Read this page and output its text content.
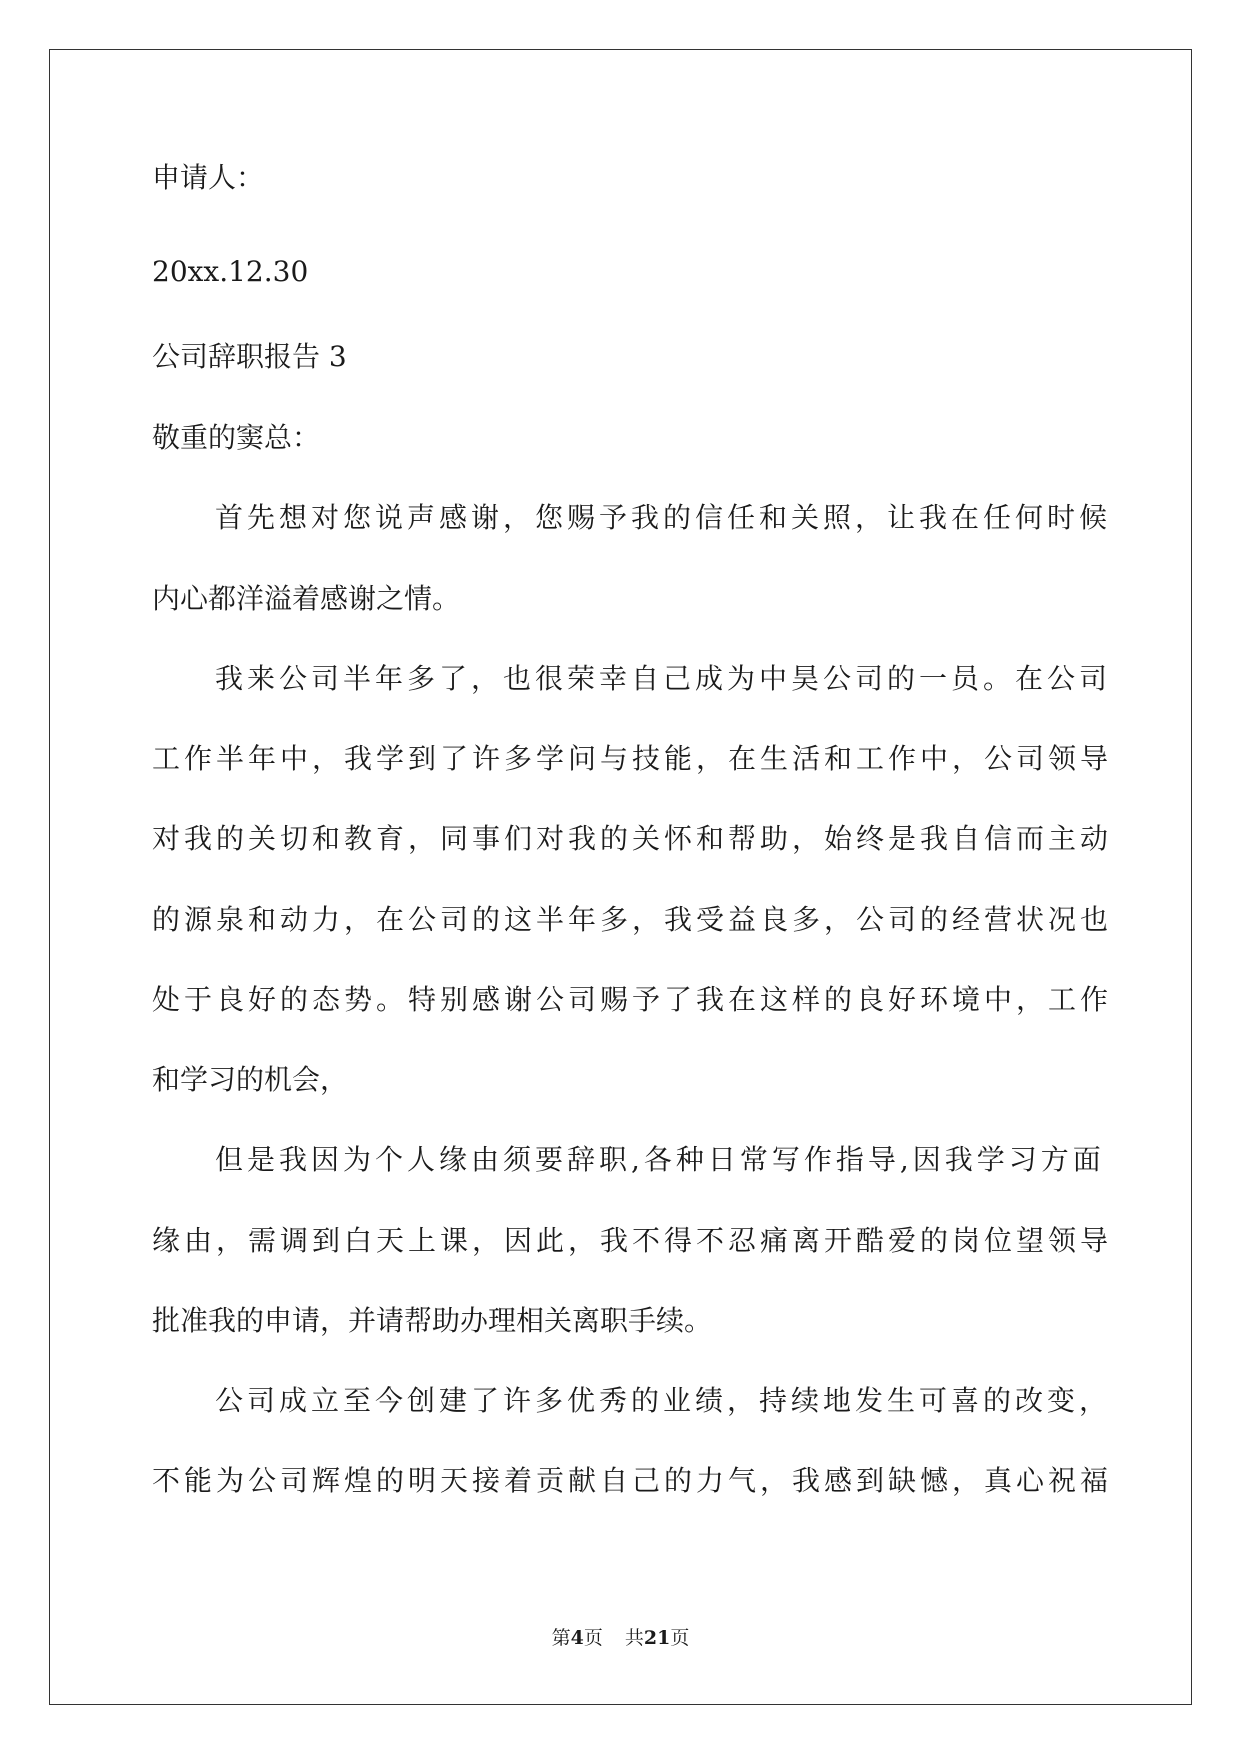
申请人：
20xx.12.30
公司辞职报告 3
敬重的窦总：
首先想对您说声感谢，您赐予我的信任和关照，让我在任何时候
内心都洋溢着感谢之情。
我来公司半年多了，也很荣幸自己成为中昊公司的一员。在公司
工作半年中，我学到了许多学问与技能，在生活和工作中，公司领导
对我的关切和教育，同事们对我的关怀和帮助，始终是我自信而主动
的源泉和动力，在公司的这半年多，我受益良多，公司的经营状况也
处于良好的态势。特别感谢公司赐予了我在这样的良好环境中，工作
和学习的机会，
但是我因为个人缘由须要辞职,各种日常写作指导,因我学习方面
缘由，需调到白天上课，因此，我不得不忍痛离开酷爱的岗位望领导
批准我的申请，并请帮助办理相关离职手续。
公司成立至今创建了许多优秀的业绩，持续地发生可喜的改变，
不能为公司辉煌的明天接着贡献自己的力气，我感到缺憾，真心祝福
第4页 共21页
